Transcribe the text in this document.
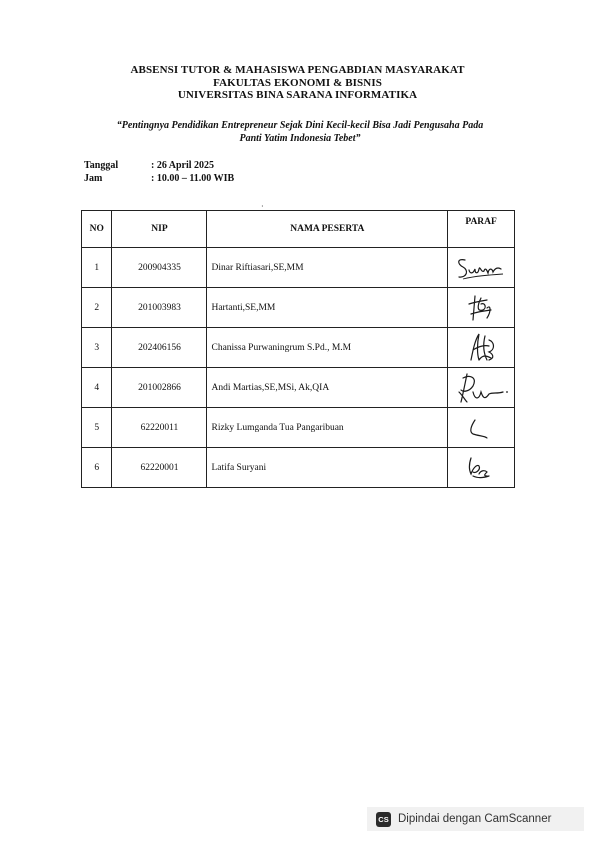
ABSENSI TUTOR & MAHASISWA PENGABDIAN MASYARAKAT
FAKULTAS EKONOMI & BISNIS
UNIVERSITAS BINA SARANA INFORMATIKA
“Pentingnya Pendidikan Entrepreneur Sejak Dini Kecil-kecil Bisa Jadi Pengusaha Pada
Panti Yatim Indonesia Tebet”
Tanggal	: 26 April 2025
Jam	: 10.00 – 11.00 WIB
·
NO	NIP	NAMA PESERTA	PARAF
1	200904335	Dinar Riftiasari,SE,MM	

2	201003983	Hartanti,SE,MM	

3	202406156	Chanissa Purwaningrum S.Pd., M.M	

4	201002866	Andi Martias,SE,MSi, Ak,QIA	

5	62220011	Rizky Lumganda Tua Pangaribuan	

6	62220001	Latifa Suryani	
CS Dipindai dengan CamScanner
